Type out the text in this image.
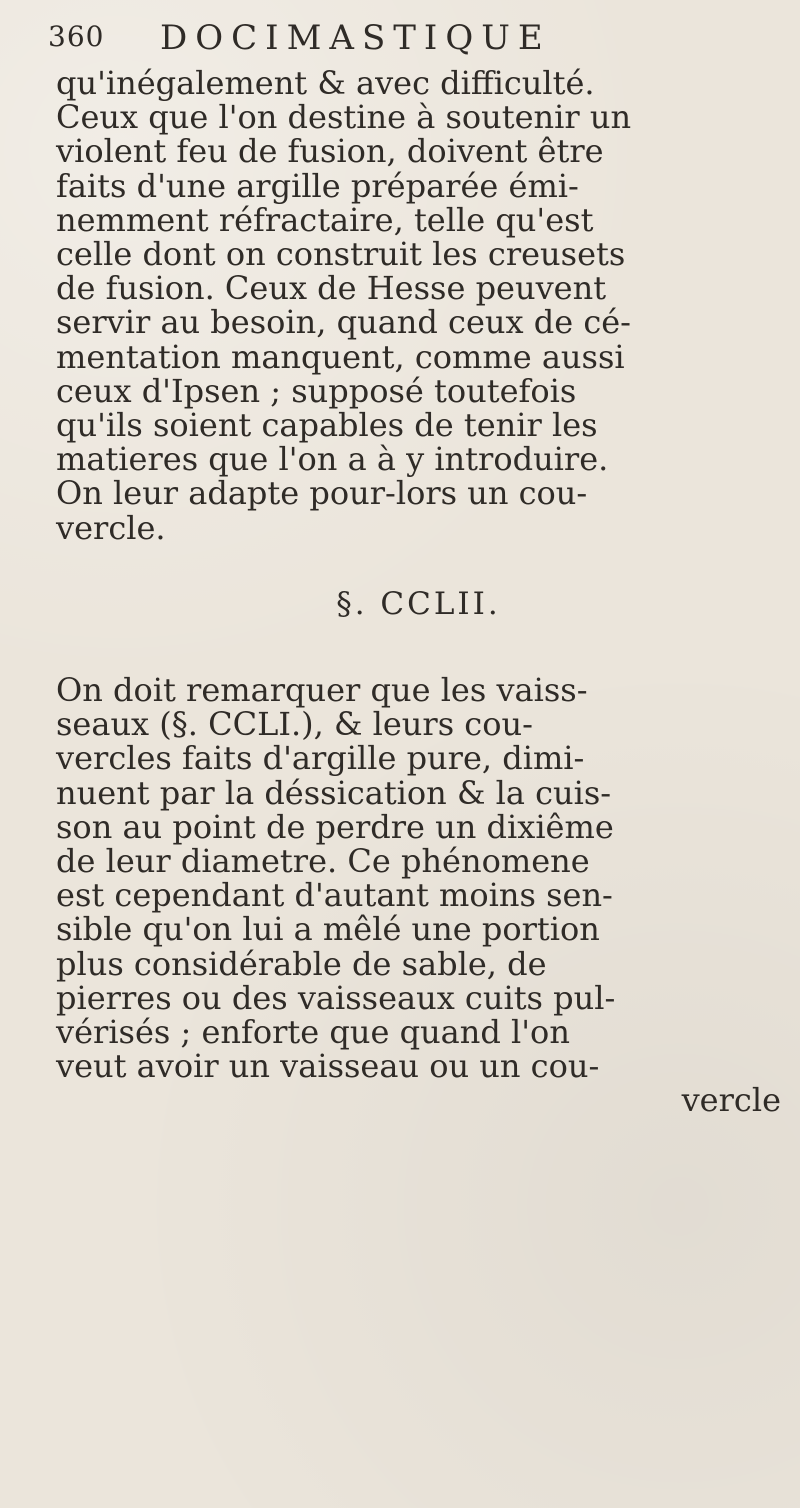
360 DOCIMASTIQUE
qu'inégalement & avec difficulté.
Ceux que l'on destine à soutenir un
violent feu de fusion, doivent être
faits d'une argille préparée émi-
nemment réfractaire, telle qu'est
celle dont on construit les creusets
de fusion. Ceux de Hesse peuvent
servir au besoin, quand ceux de cé-
mentation manquent, comme aussi
ceux d'Ipsen ; supposé toutefois
qu'ils soient capables de tenir les
matieres que l'on a à y introduire.
On leur adapte pour-lors un cou-
vercle.
§. CCLII.
On doit remarquer que les vaiss-
seaux (§. CCLI.), & leurs cou-
vercles faits d'argille pure, dimi-
nuent par la déssication & la cuis-
son au point de perdre un dixiême
de leur diametre. Ce phénomene
est cependant d'autant moins sen-
sible qu'on lui a mêlé une portion
plus considérable de sable, de
pierres ou des vaisseaux cuits pul-
vérisés ; enforte que quand l'on
veut avoir un vaisseau ou un cou-
vercle
